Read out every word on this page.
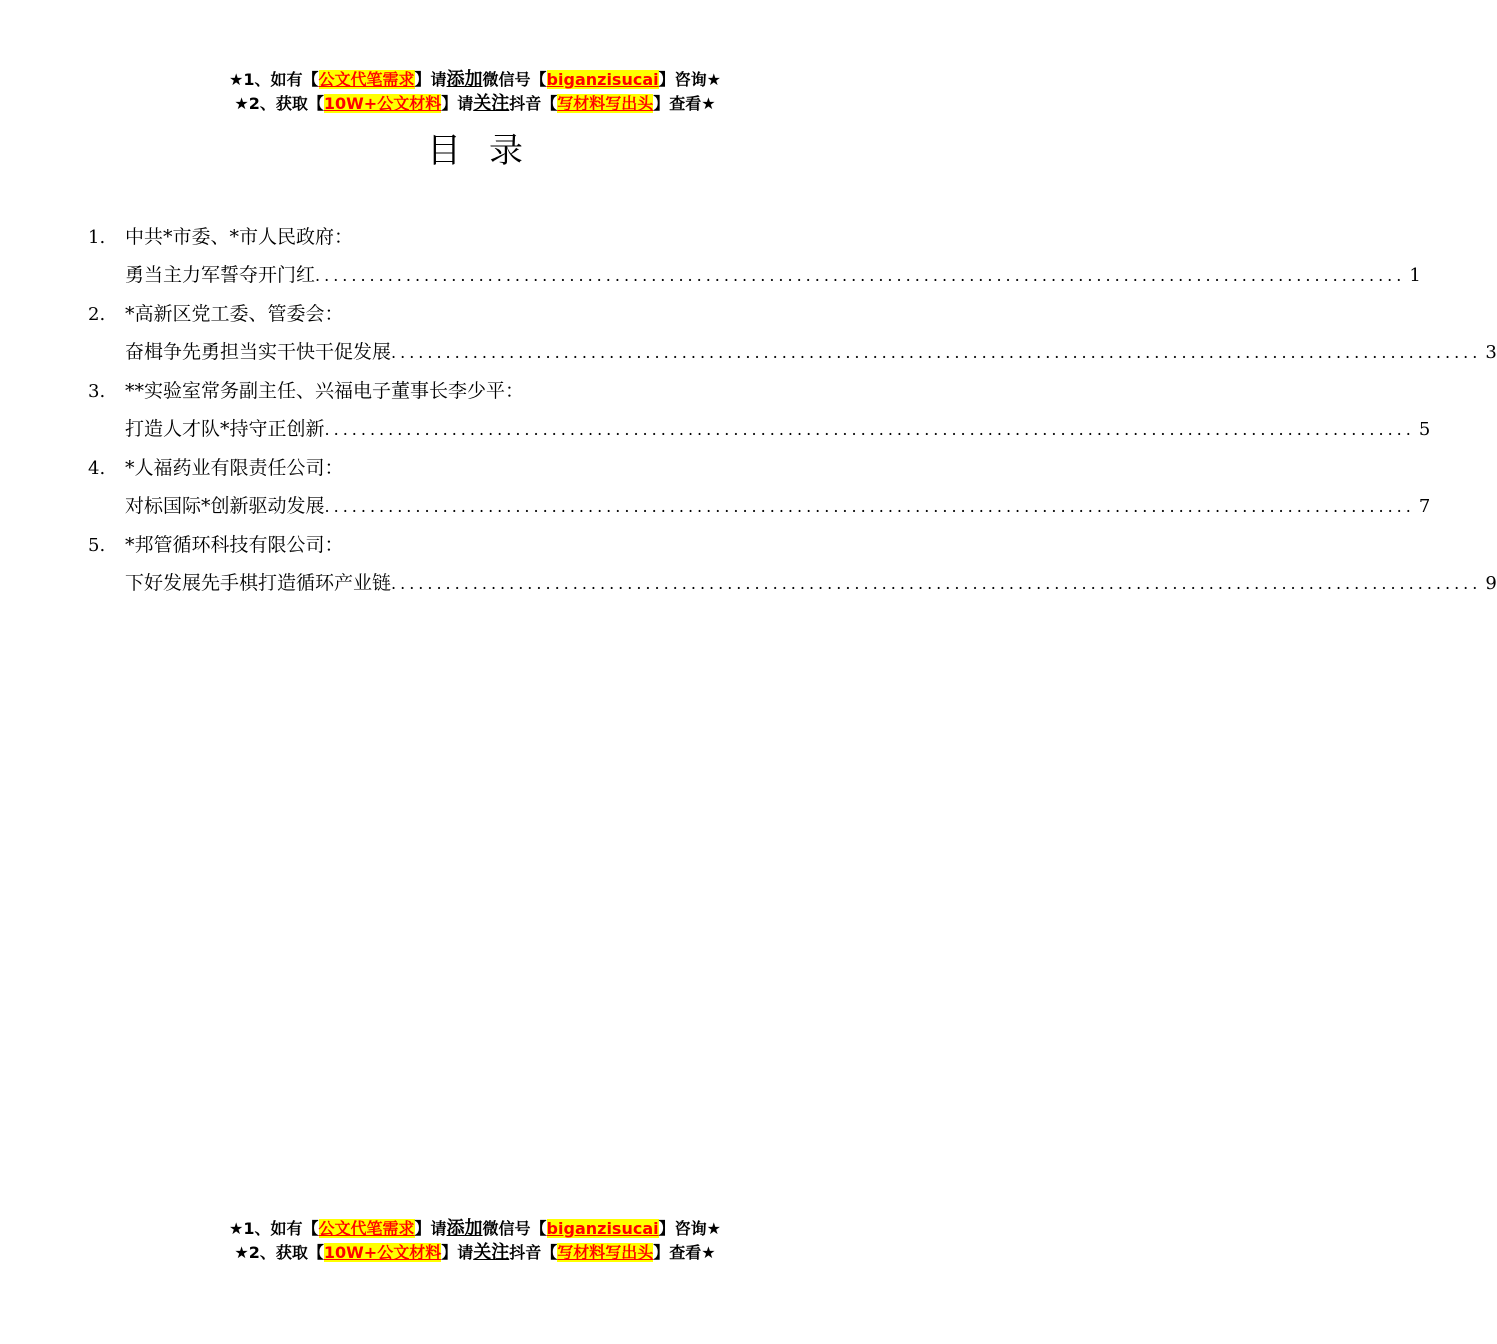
★1、如有【公文代笔需求】请添加微信号【biganzisucai】咨询★
★2、获取【10W+公文材料】请关注抖音【写材料写出头】查看★
目录
1. 中共*市委、*市人民政府：
勇当主力军誓夺开门红 ........................................................................................................................ 1
2. *高新区党工委、管委会：
奋楫争先勇担当实干快干促发展 ........................................................................................................................ 3
3. **实验室常务副主任、兴福电子董事长李少平：
打造人才队*持守正创新 ........................................................................................................................ 5
4. *人福药业有限责任公司：
对标国际*创新驱动发展 ........................................................................................................................ 7
5. *邦管循环科技有限公司：
下好发展先手棋打造循环产业链 ........................................................................................................................ 9
★1、如有【公文代笔需求】请添加微信号【biganzisucai】咨询★
★2、获取【10W+公文材料】请关注抖音【写材料写出头】查看★
